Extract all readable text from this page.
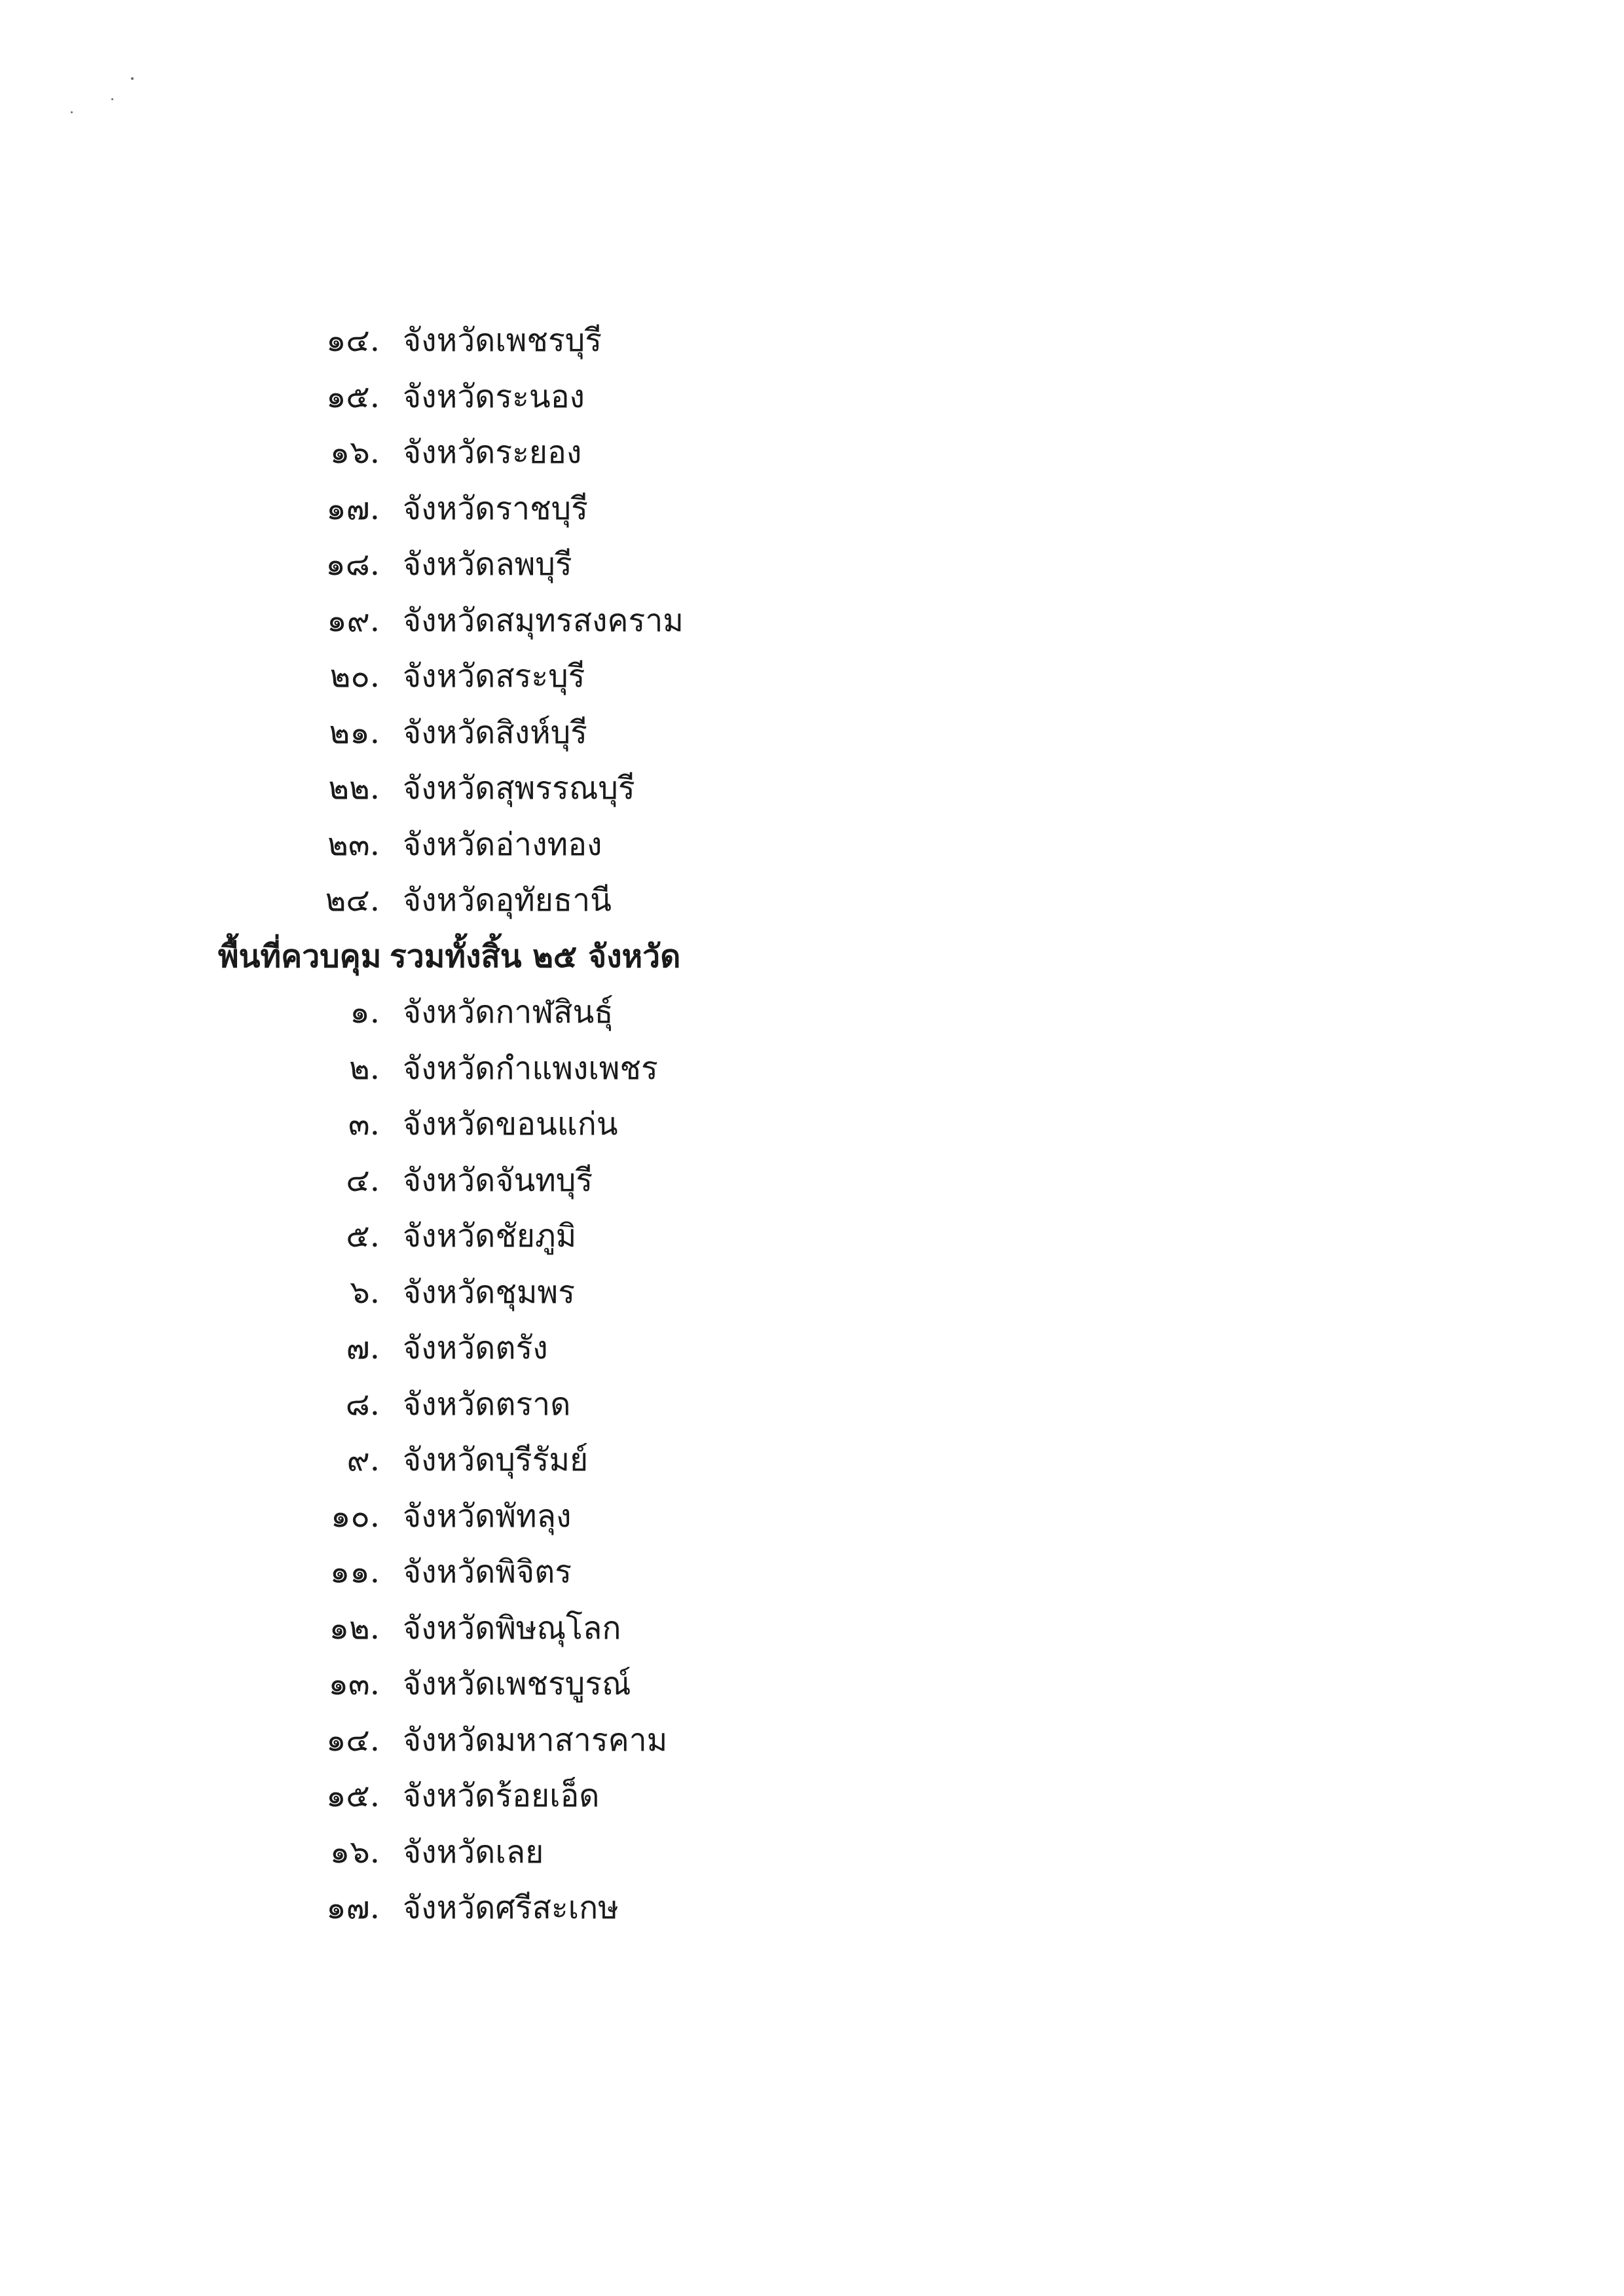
๑๔. จังหวัดเพชรบุรี
๑๕. จังหวัดระนอง
๑๖. จังหวัดระยอง
๑๗. จังหวัดราชบุรี
๑๘. จังหวัดลพบุรี
๑๙. จังหวัดสมุทรสงคราม
๒๐. จังหวัดสระบุรี
๒๑. จังหวัดสิงห์บุรี
๒๒. จังหวัดสุพรรณบุรี
๒๓. จังหวัดอ่างทอง
๒๔. จังหวัดอุทัยธานี
พื้นที่ควบคุม รวมทั้งสิ้น ๒๕ จังหวัด
๑. จังหวัดกาฬสินธุ์
๒. จังหวัดกำแพงเพชร
๓. จังหวัดขอนแก่น
๔. จังหวัดจันทบุรี
๕. จังหวัดชัยภูมิ
๖. จังหวัดชุมพร
๗. จังหวัดตรัง
๘. จังหวัดตราด
๙. จังหวัดบุรีรัมย์
๑๐. จังหวัดพัทลุง
๑๑. จังหวัดพิจิตร
๑๒. จังหวัดพิษณุโลก
๑๓. จังหวัดเพชรบูรณ์
๑๔. จังหวัดมหาสารคาม
๑๕. จังหวัดร้อยเอ็ด
๑๖. จังหวัดเลย
๑๗. จังหวัดศรีสะเกษ
